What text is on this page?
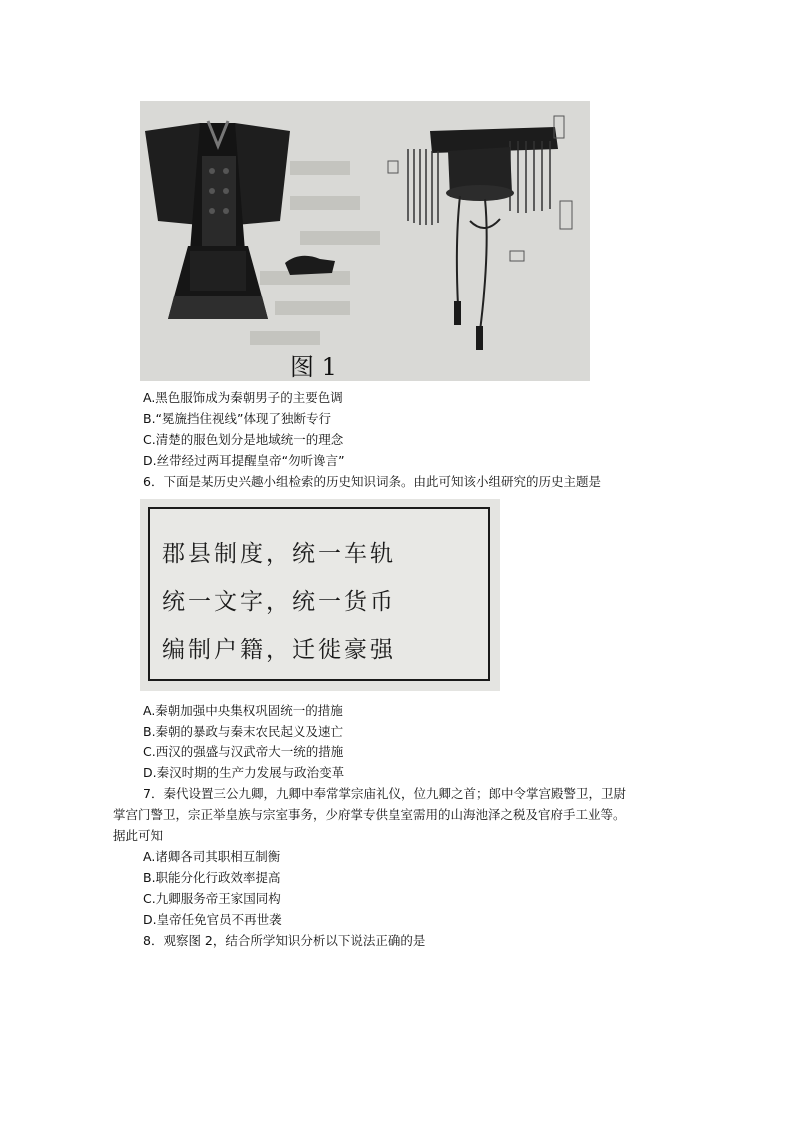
图 1
A.黑色服饰成为秦朝男子的主要色调
B.“冕旒挡住视线”体现了独断专行
C.清楚的服色划分是地域统一的理念
D.丝带经过两耳提醒皇帝“勿听谗言”
6．下面是某历史兴趣小组检索的历史知识词条。由此可知该小组研究的历史主题是
郡县制度，统一车轨
统一文字，统一货币
编制户籍，迁徙豪强
A.秦朝加强中央集权巩固统一的措施
B.秦朝的暴政与秦末农民起义及速亡
C.西汉的强盛与汉武帝大一统的措施
D.秦汉时期的生产力发展与政治变革
7．秦代设置三公九卿，九卿中奉常掌宗庙礼仪，位九卿之首；郎中令掌宫殿警卫，卫尉
掌宫门警卫，宗正举皇族与宗室事务，少府掌专供皇室需用的山海池泽之税及官府手工业等。
据此可知
A.诸卿各司其职相互制衡
B.职能分化行政效率提高
C.九卿服务帝王家国同构
D.皇帝任免官员不再世袭
8．观察图 2，结合所学知识分析以下说法正确的是
